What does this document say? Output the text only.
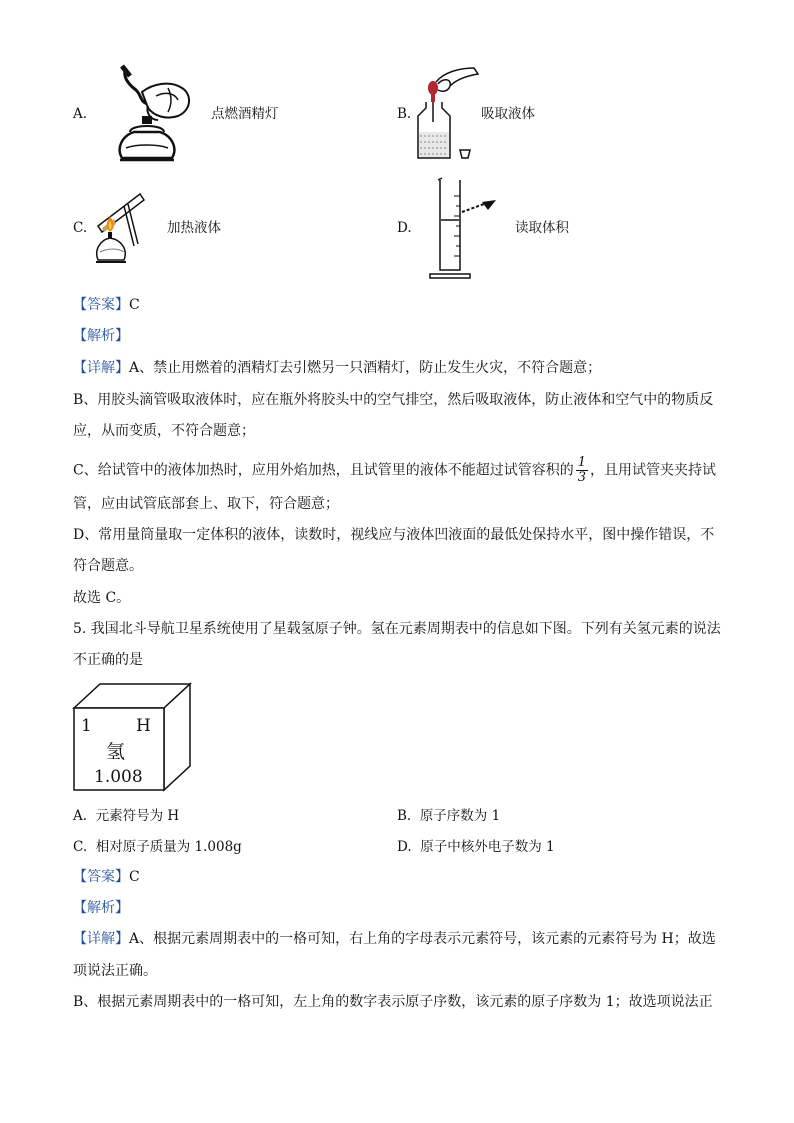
A.	点燃酒精灯	B.	吸取液体
C.	加热液体	D.	读取体积
【答案】C
【解析】
【详解】A、禁止用燃着的酒精灯去引燃另一只酒精灯，防止发生火灾，不符合题意；
B、用胶头滴管吸取液体时，应在瓶外将胶头中的空气排空，然后吸取液体，防止液体和空气中的物质反
应，从而变质，不符合题意；
C、给试管中的液体加热时，应用外焰加热，且试管里的液体不能超过试管容积的 $\frac{1}{3}$ ，且用试管夹夹持试
管，应由试管底部套上、取下，符合题意；
D、常用量筒量取一定体积的液体，读数时，视线应与液体凹液面的最低处保持水平，图中操作错误，不
符合题意。
故选 C。
5. 我国北斗导航卫星系统使用了星载氢原子钟。氢在元素周期表中的信息如下图。下列有关氢元素的说法
不正确的是
1	H
氢
1.008
A. 元素符号为 H	B. 原子序数为 1
C. 相对原子质量为 1.008g	D. 原子中核外电子数为 1
【答案】C
【解析】
【详解】A、根据元素周期表中的一格可知，右上角的字母表示元素符号，该元素的元素符号为 H；故选
项说法正确。
B、根据元素周期表中的一格可知，左上角的数字表示原子序数，该元素的原子序数为 1；故选项说法正
